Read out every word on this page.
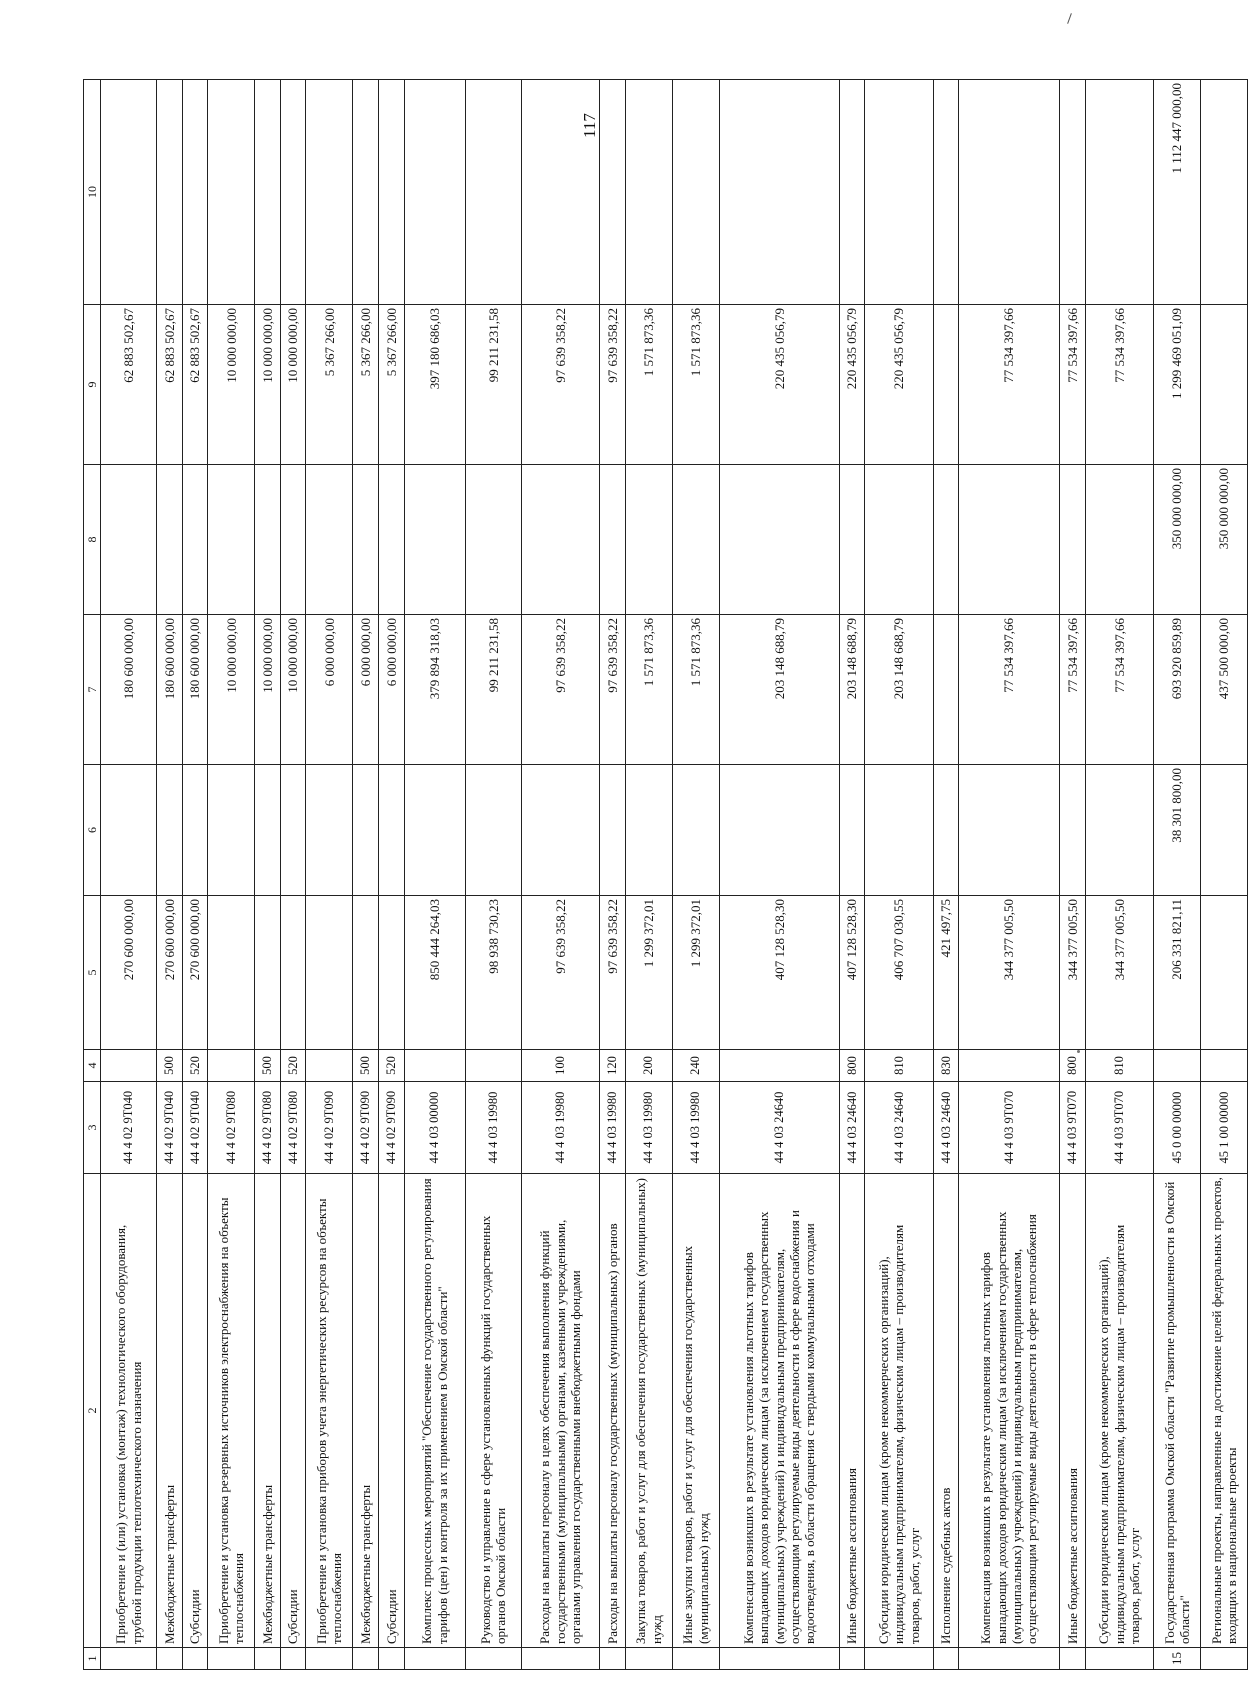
117
1	2	3	4	5	6	7	8	9	10
	Приобретение и (или) установка (монтаж) технологического оборудования, трубной продукции теплотехнического назначения	44 4 02 9Т040		270 600 000,00		180 600 000,00		62 883 502,67	
	Межбюджетные трансферты	44 4 02 9Т040	500	270 600 000,00		180 600 000,00		62 883 502,67	
	Субсидии	44 4 02 9Т040	520	270 600 000,00		180 600 000,00		62 883 502,67	
	Приобретение и установка резервных источников электроснабжения на объекты теплоснабжения	44 4 02 9Т080				10 000 000,00		10 000 000,00	
	Межбюджетные трансферты	44 4 02 9Т080	500			10 000 000,00		10 000 000,00	
	Субсидии	44 4 02 9Т080	520			10 000 000,00		10 000 000,00	
	Приобретение и установка приборов учета энергетических ресурсов на объекты теплоснабжения	44 4 02 9Т090				6 000 000,00		5 367 266,00	
	Межбюджетные трансферты	44 4 02 9Т090	500			6 000 000,00		5 367 266,00	
	Субсидии	44 4 02 9Т090	520			6 000 000,00		5 367 266,00	
	Комплекс процессных мероприятий "Обеспечение государственного регулирования тарифов (цен) и контроля за их применением в Омской области"	44 4 03 00000		850 444 264,03		379 894 318,03		397 180 686,03	
	Руководство и управление в сфере установленных функций государственных органов Омской области	44 4 03 19980		98 938 730,23		99 211 231,58		99 211 231,58	
	Расходы на выплаты персоналу в целях обеспечения выполнения функций государственными (муниципальными) органами, казенными учреждениями, органами управления государственными внебюджетными фондами	44 4 03 19980	100	97 639 358,22		97 639 358,22		97 639 358,22	
	Расходы на выплаты персоналу государственных (муниципальных) органов	44 4 03 19980	120	97 639 358,22		97 639 358,22		97 639 358,22	
	Закупка товаров, работ и услуг для обеспечения государственных (муниципальных) нужд	44 4 03 19980	200	1 299 372,01		1 571 873,36		1 571 873,36	
	Иные закупки товаров, работ и услуг для обеспечения государственных (муниципальных) нужд	44 4 03 19980	240	1 299 372,01		1 571 873,36		1 571 873,36	
	Компенсация возникших в результате установления льготных тарифов выпадающих доходов юридическим лицам (за исключением государственных (муниципальных) учреждений) и индивидуальным предпринимателям, осуществляющим регулируемые виды деятельности в сфере водоснабжения и водоотведения, в области обращения с твердыми коммунальными отходами	44 4 03 24640		407 128 528,30		203 148 688,79		220 435 056,79	
	Иные бюджетные ассигнования	44 4 03 24640	800	407 128 528,30		203 148 688,79		220 435 056,79	
	Субсидии юридическим лицам (кроме некоммерческих организаций), индивидуальным предпринимателям, физическим лицам – производителям товаров, работ, услуг	44 4 03 24640	810	406 707 030,55		203 148 688,79		220 435 056,79	
	Исполнение судебных актов	44 4 03 24640	830	421 497,75					
	Компенсация возникших в результате установления льготных тарифов выпадающих доходов юридическим лицам (за исключением государственных (муниципальных) учреждений) и индивидуальным предпринимателям, осуществляющим регулируемые виды деятельности в сфере теплоснабжения	44 4 03 9Т070		344 377 005,50		77 534 397,66		77 534 397,66	
	Иные бюджетные ассигнования	44 4 03 9Т070	800	344 377 005,50		77 534 397,66		77 534 397,66	
	Субсидии юридическим лицам (кроме некоммерческих организаций), индивидуальным предпринимателям, физическим лицам – производителям товаров, работ, услуг	44 4 03 9Т070	810	344 377 005,50		77 534 397,66		77 534 397,66	
15	Государственная программа Омской области "Развитие промышленности в Омской области"	45 0 00 00000		206 331 821,11	38 301 800,00	693 920 859,89	350 000 000,00	1 299 469 051,09	1 112 447 000,00
	Региональные проекты, направленные на достижение целей федеральных проектов, входящих в национальные проекты	45 1 00 00000				437 500 000,00	350 000 000,00		
